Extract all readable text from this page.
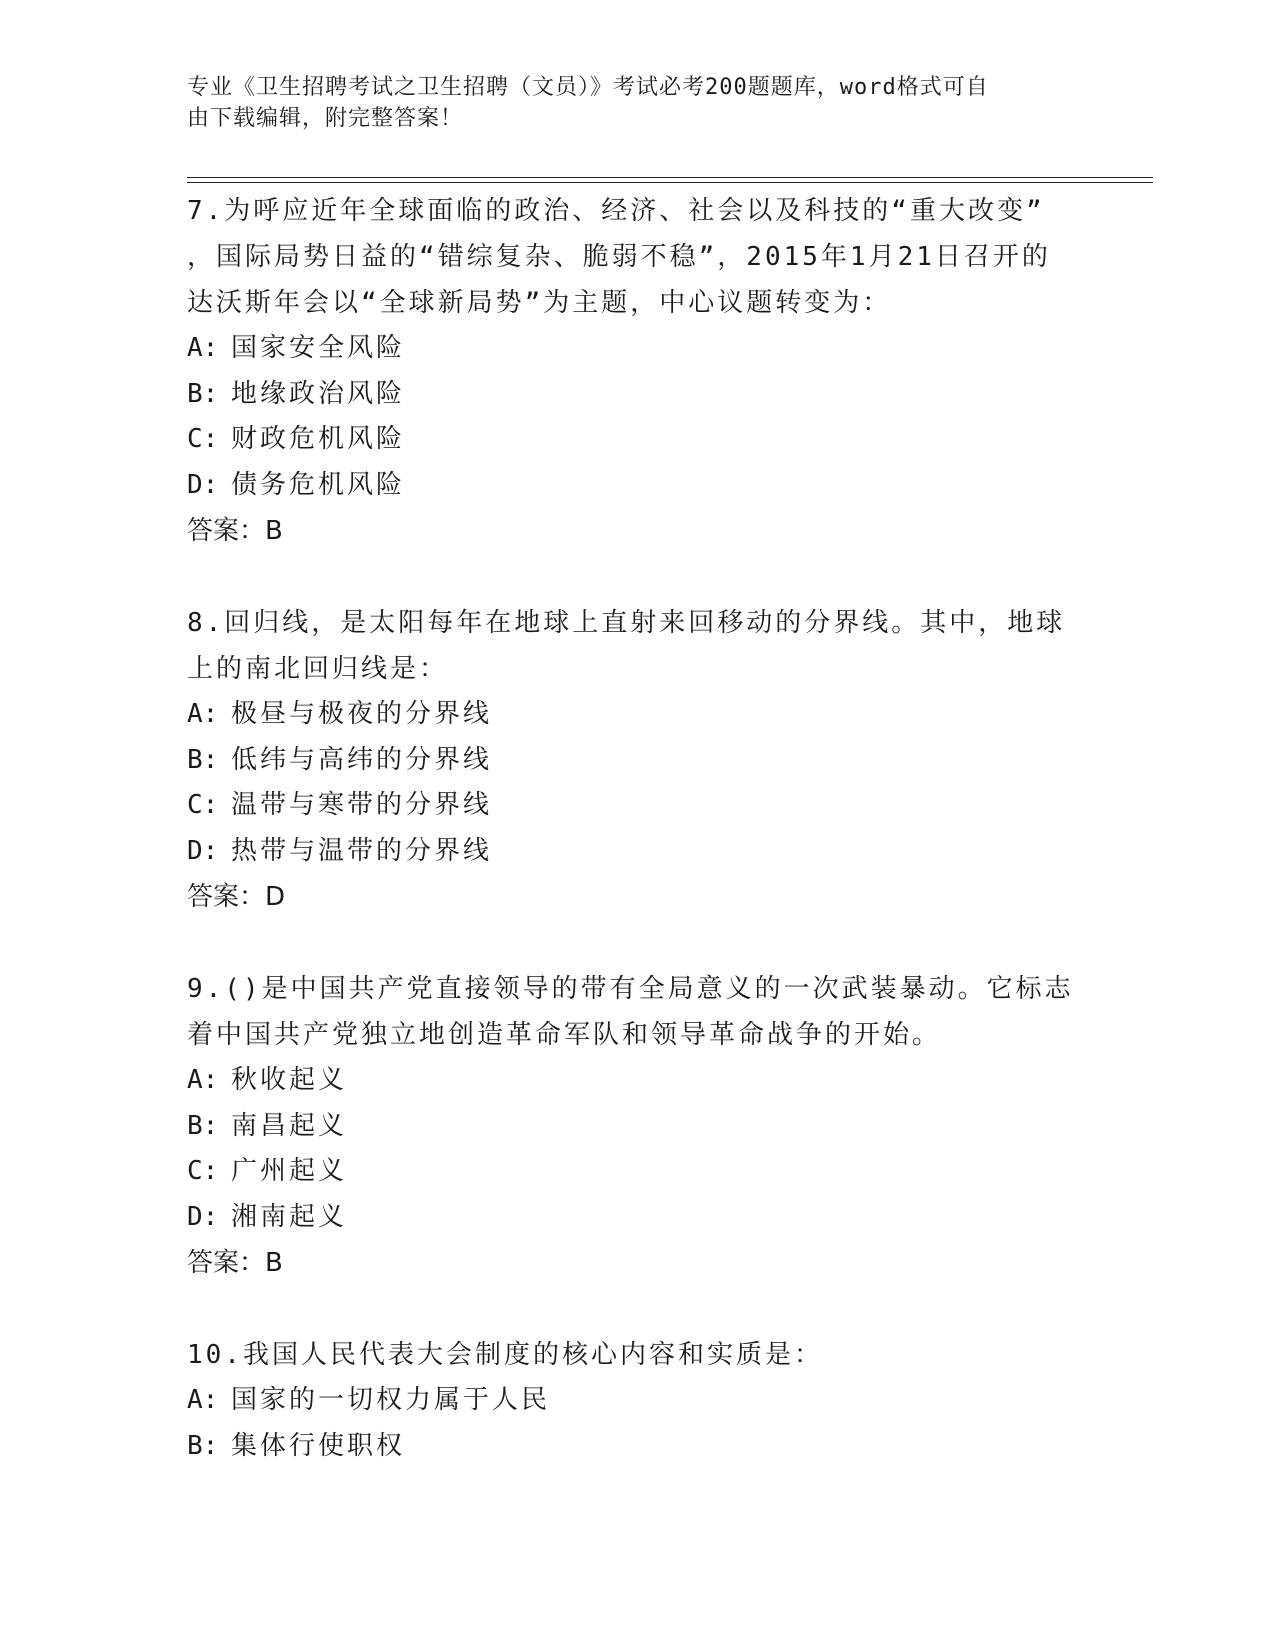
专业《卫生招聘考试之卫生招聘（文员）》考试必考200题题库，word格式可自
由下载编辑，附完整答案！

7.为呼应近年全球面临的政治、经济、社会以及科技的“重大改变”

，国际局势日益的“错综复杂、脆弱不稳”，2015年1月21日召开的

达沃斯年会以“全球新局势”为主题，中心议题转变为：

A: 国家安全风险

B: 地缘政治风险

C: 财政危机风险

D: 债务危机风险

答案：B

8.回归线，是太阳每年在地球上直射来回移动的分界线。其中，地球

上的南北回归线是：

A: 极昼与极夜的分界线

B: 低纬与高纬的分界线

C: 温带与寒带的分界线

D: 热带与温带的分界线

答案：D

9.()是中国共产党直接领导的带有全局意义的一次武装暴动。它标志

着中国共产党独立地创造革命军队和领导革命战争的开始。

A: 秋收起义

B: 南昌起义

C: 广州起义

D: 湘南起义

答案：B

10.我国人民代表大会制度的核心内容和实质是：

A: 国家的一切权力属于人民

B: 集体行使职权
